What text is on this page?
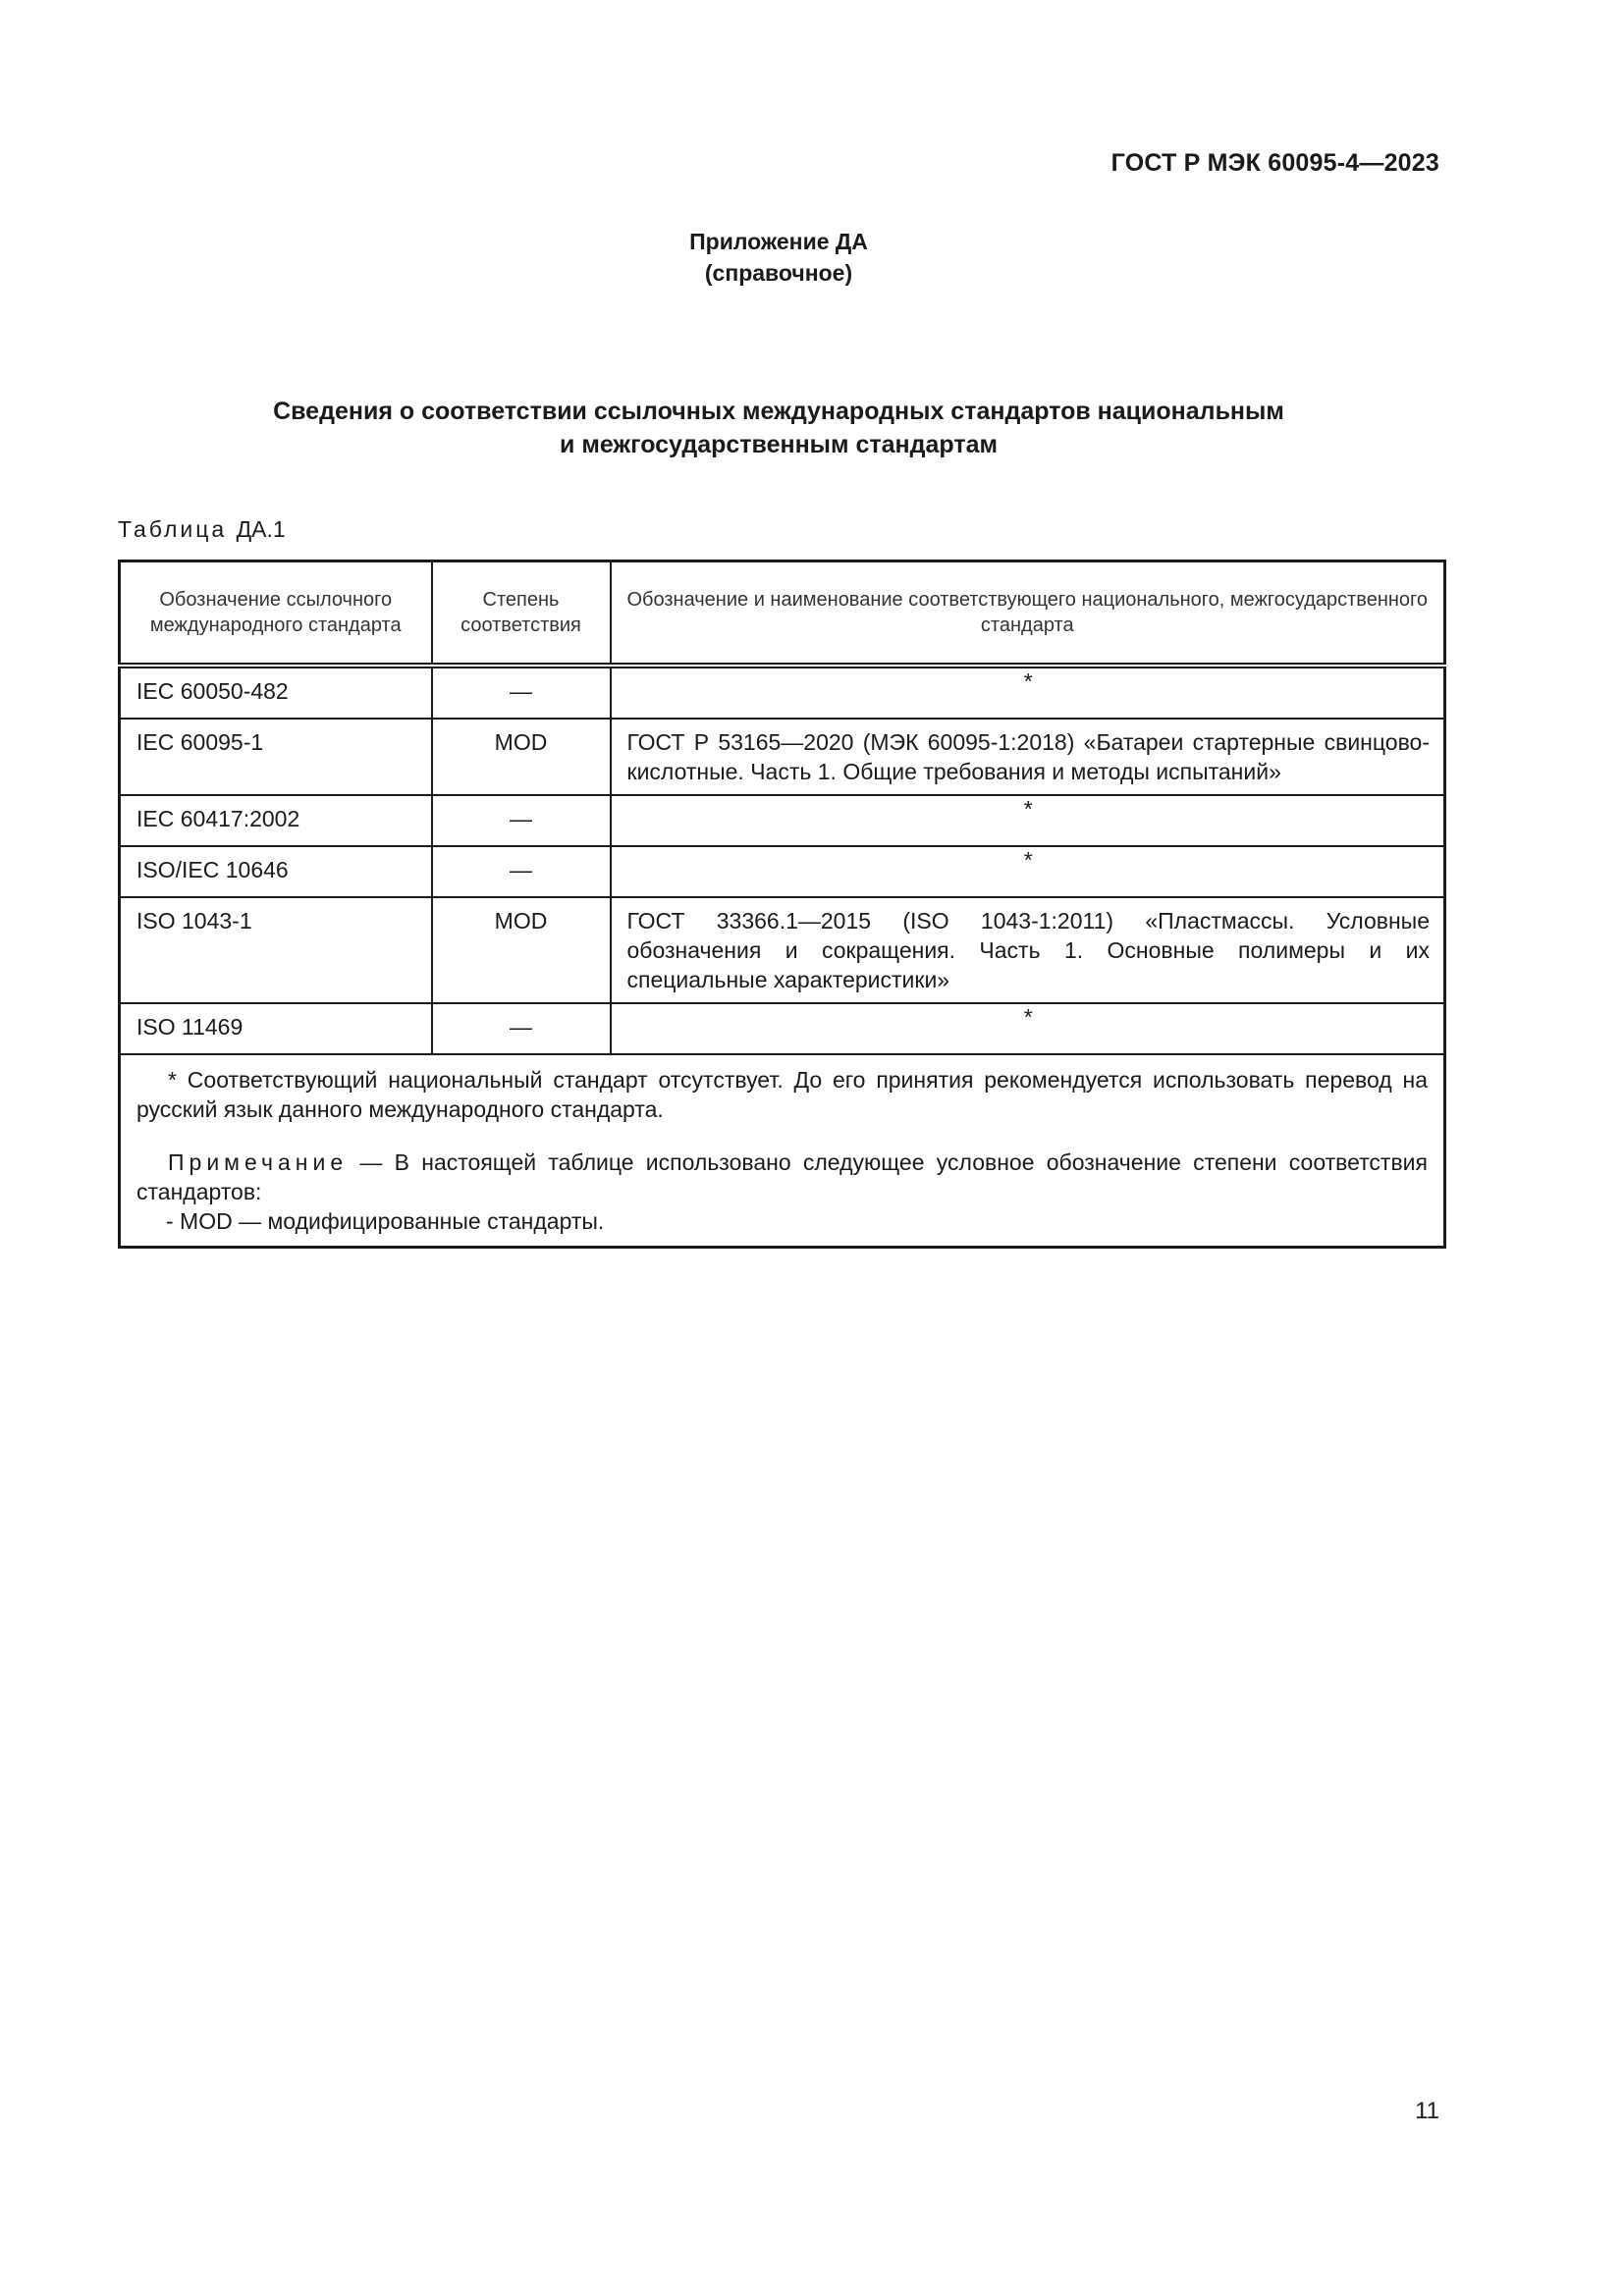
ГОСТ Р МЭК 60095-4—2023
Приложение ДА
(справочное)
Сведения о соответствии ссылочных международных стандартов национальным
и межгосударственным стандартам
Таблица ДА.1
Обозначение ссылочного международного стандарта	Степень соответствия	Обозначение и наименование соответствующего национального, межгосударственного стандарта
IEC 60050-482	—	*
IEC 60095-1	MOD	ГОСТ Р 53165—2020 (МЭК 60095-1:2018) «Батареи стартерные свинцово-кислотные. Часть 1. Общие требования и методы испытаний»
IEC 60417:2002	—	*
ISO/IEC 10646	—	*
ISO 1043-1	MOD	ГОСТ 33366.1—2015 (ISO 1043-1:2011) «Пластмассы. Условные обозначения и сокращения. Часть 1. Основные полимеры и их специальные характеристики»
ISO 11469	—	*

* Соответствующий национальный стандарт отсутствует. До его принятия рекомендуется использовать перевод на русский язык данного международного стандарта.

Примечание — В настоящей таблице использовано следующее условное обозначение степени соответствия стандартов:

- MOD — модифицированные стандарты.		

11
